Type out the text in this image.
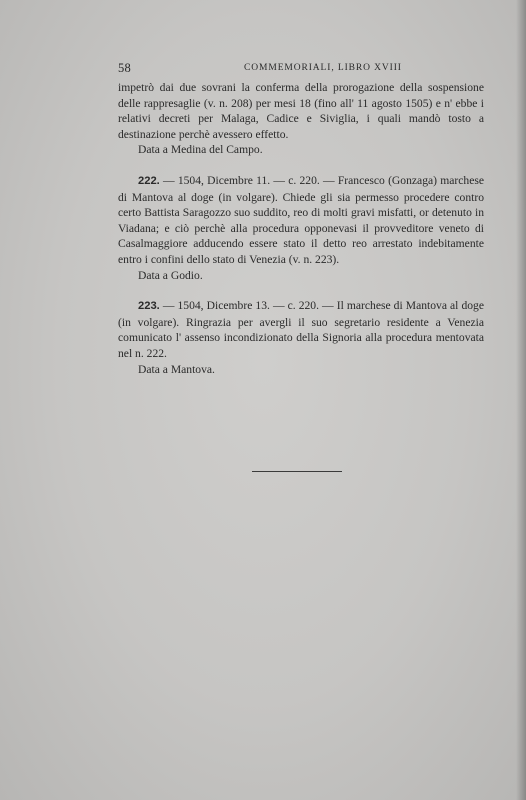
58	COMMEMORIALI, LIBRO XVIII

impetrò dai due sovrani la conferma della prorogazione della sospensione delle rappresaglie (v. n. 208) per mesi 18 (fino all' 11 agosto 1505) e n' ebbe i relativi decreti per Malaga, Cadice e Siviglia, i quali mandò tosto a destinazione perchè avessero effetto.

Data a Medina del Campo.

222. — 1504, Dicembre 11. — c. 220. — Francesco (Gonzaga) marchese di Mantova al doge (in volgare). Chiede gli sia permesso procedere contro certo Battista Saragozzo suo suddito, reo di molti gravi misfatti, or detenuto in Viadana; e ciò perchè alla procedura opponevasi il provveditore veneto di Casalmaggiore adducendo essere stato il detto reo arrestato indebitamente entro i confini dello stato di Venezia (v. n. 223).

Data a Godio.

223. — 1504, Dicembre 13. — c. 220. — Il marchese di Mantova al doge (in volgare). Ringrazia per avergli il suo segretario residente a Venezia comunicato l' assenso incondizionato della Signoria alla procedura mentovata nel n. 222.

Data a Mantova.
